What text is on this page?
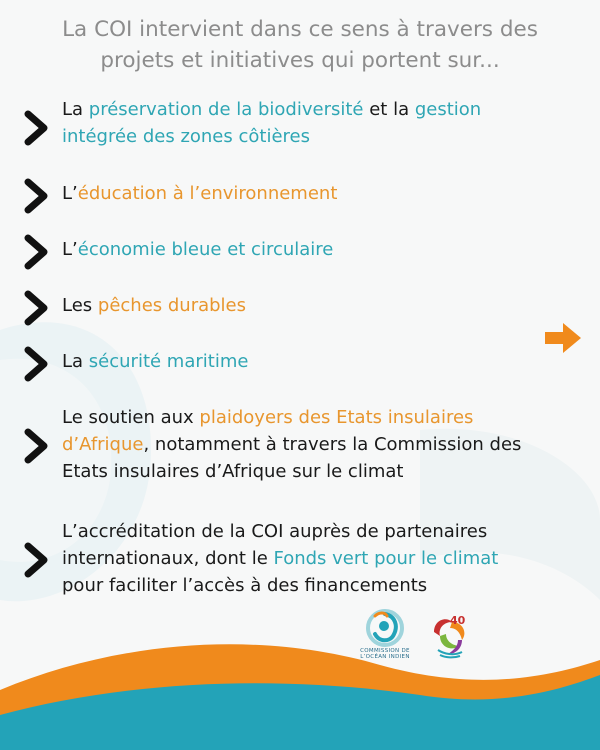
La COI intervient dans ce sens à travers des
projets et initiatives qui portent sur...
La préservation de la biodiversité et la gestion
intégrée des zones côtières
L’éducation à l’environnement
L’économie bleue et circulaire
Les pêches durables
La sécurité maritime
Le soutien aux plaidoyers des Etats insulaires
d’Afrique, notamment à travers la Commission des
Etats insulaires d’Afrique sur le climat
L’accréditation de la COI auprès de partenaires
internationaux, dont le Fonds vert pour le climat
pour faciliter l’accès à des financements
COMMISSION DE
L’OCÉAN INDIEN
40
